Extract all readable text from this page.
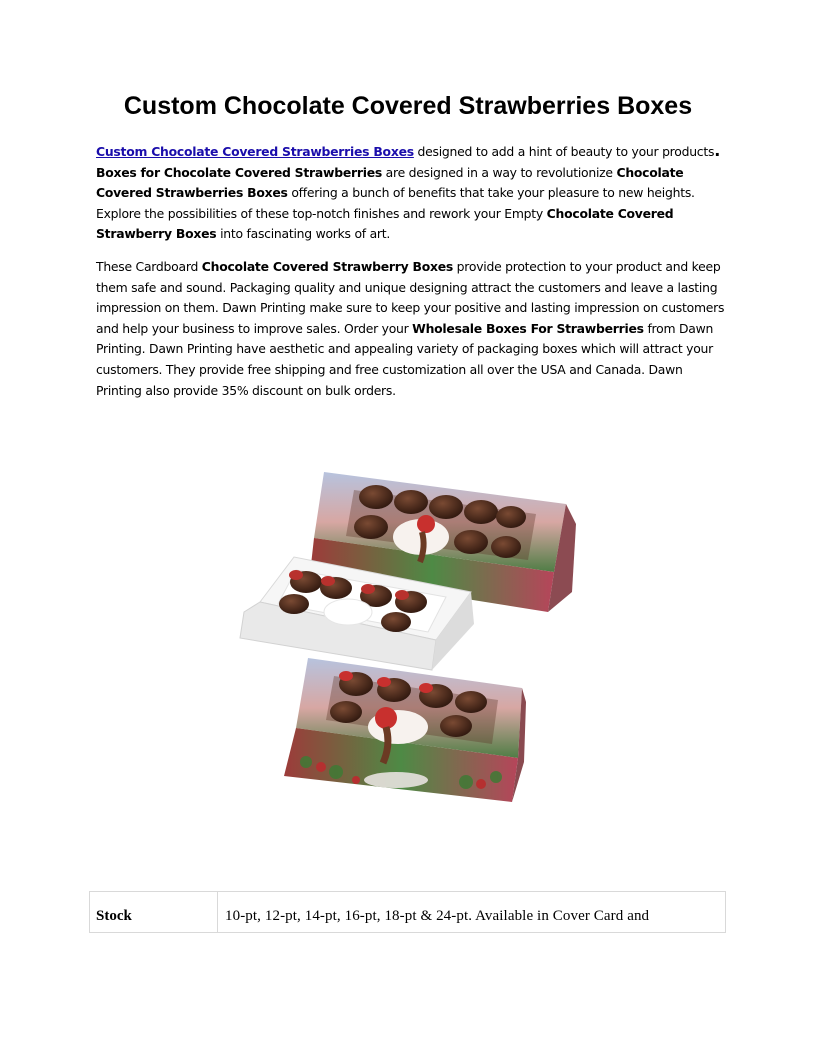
Custom Chocolate Covered Strawberries Boxes

Custom Chocolate Covered Strawberries Boxes designed to add a hint of beauty to your products.
Boxes for Chocolate Covered Strawberries are designed in a way to revolutionize Chocolate Covered Strawberries Boxes offering a bunch of benefits that take your pleasure to new heights. Explore the possibilities of these top-notch finishes and rework your Empty Chocolate Covered Strawberry Boxes into fascinating works of art.

These Cardboard Chocolate Covered Strawberry Boxes provide protection to your product and keep them safe and sound. Packaging quality and unique designing attract the customers and leave a lasting impression on them. Dawn Printing make sure to keep your positive and lasting impression on customers and help your business to improve sales. Order your Wholesale Boxes For Strawberries from Dawn Printing. Dawn Printing have aesthetic and appealing variety of packaging boxes which will attract your customers. They provide free shipping and free customization all over the USA and Canada. Dawn Printing also provide 35% discount on bulk orders.

Stock	10-pt, 12-pt, 14-pt, 16-pt, 18-pt & 24-pt. Available in Cover Card and
